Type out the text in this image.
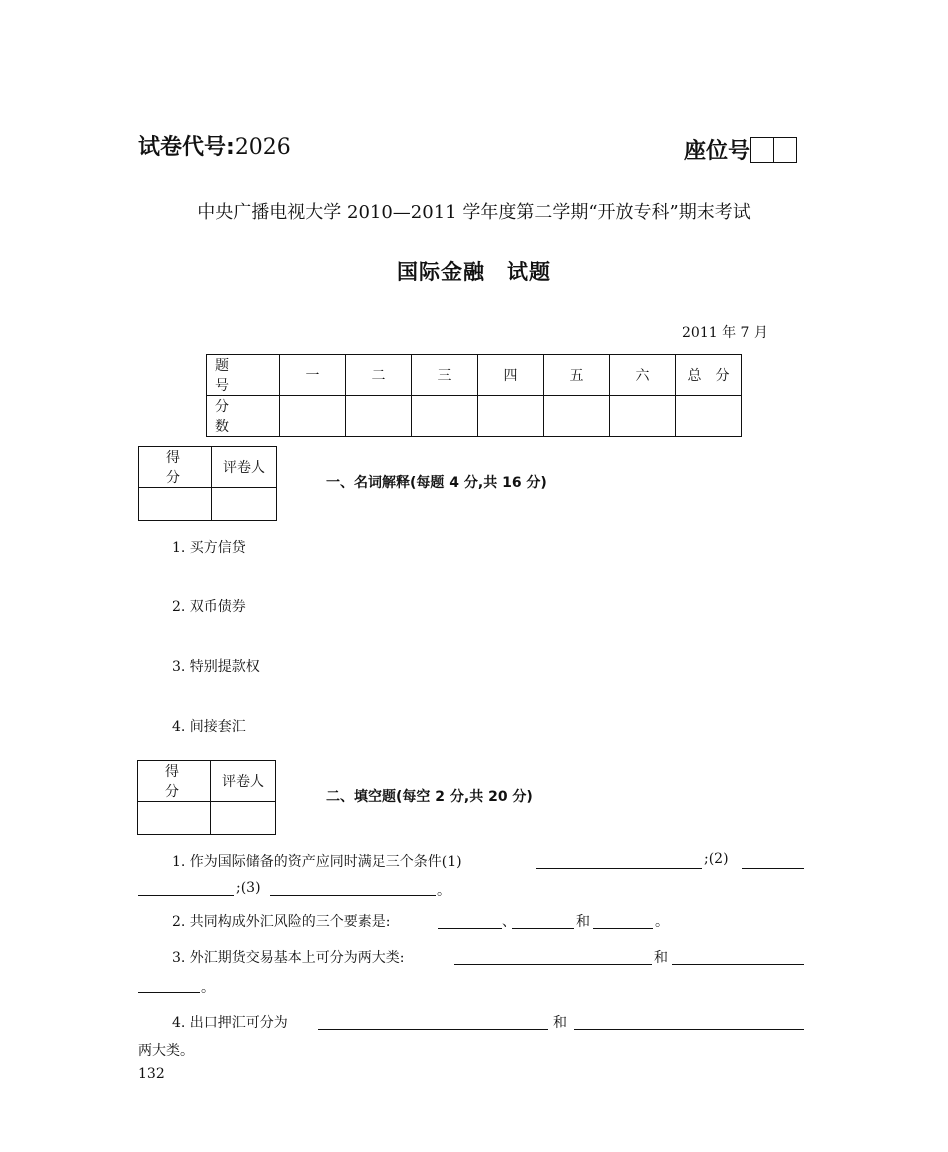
试卷代号:2026	座位号
中央广播电视大学 2010—2011 学年度第二学期“开放专科”期末考试
国际金融　试题
2011 年 7 月
题　号	一	二	三	四	五	六	总　分
分　数							
得　分	评卷人

一、名词解释(每题 4 分,共 16 分)
1. 买方信贷
2. 双币债券
3. 特别提款权
4. 间接套汇
得　分	评卷人

二、填空题(每空 2 分,共 20 分)
1. 作为国际储备的资产应同时满足三个条件(1)	;(2)
;(3)	。
2. 共同构成外汇风险的三个要素是:	、	和	。
3. 外汇期货交易基本上可分为两大类:	和
。
4. 出口押汇可分为	和
两大类。
132
